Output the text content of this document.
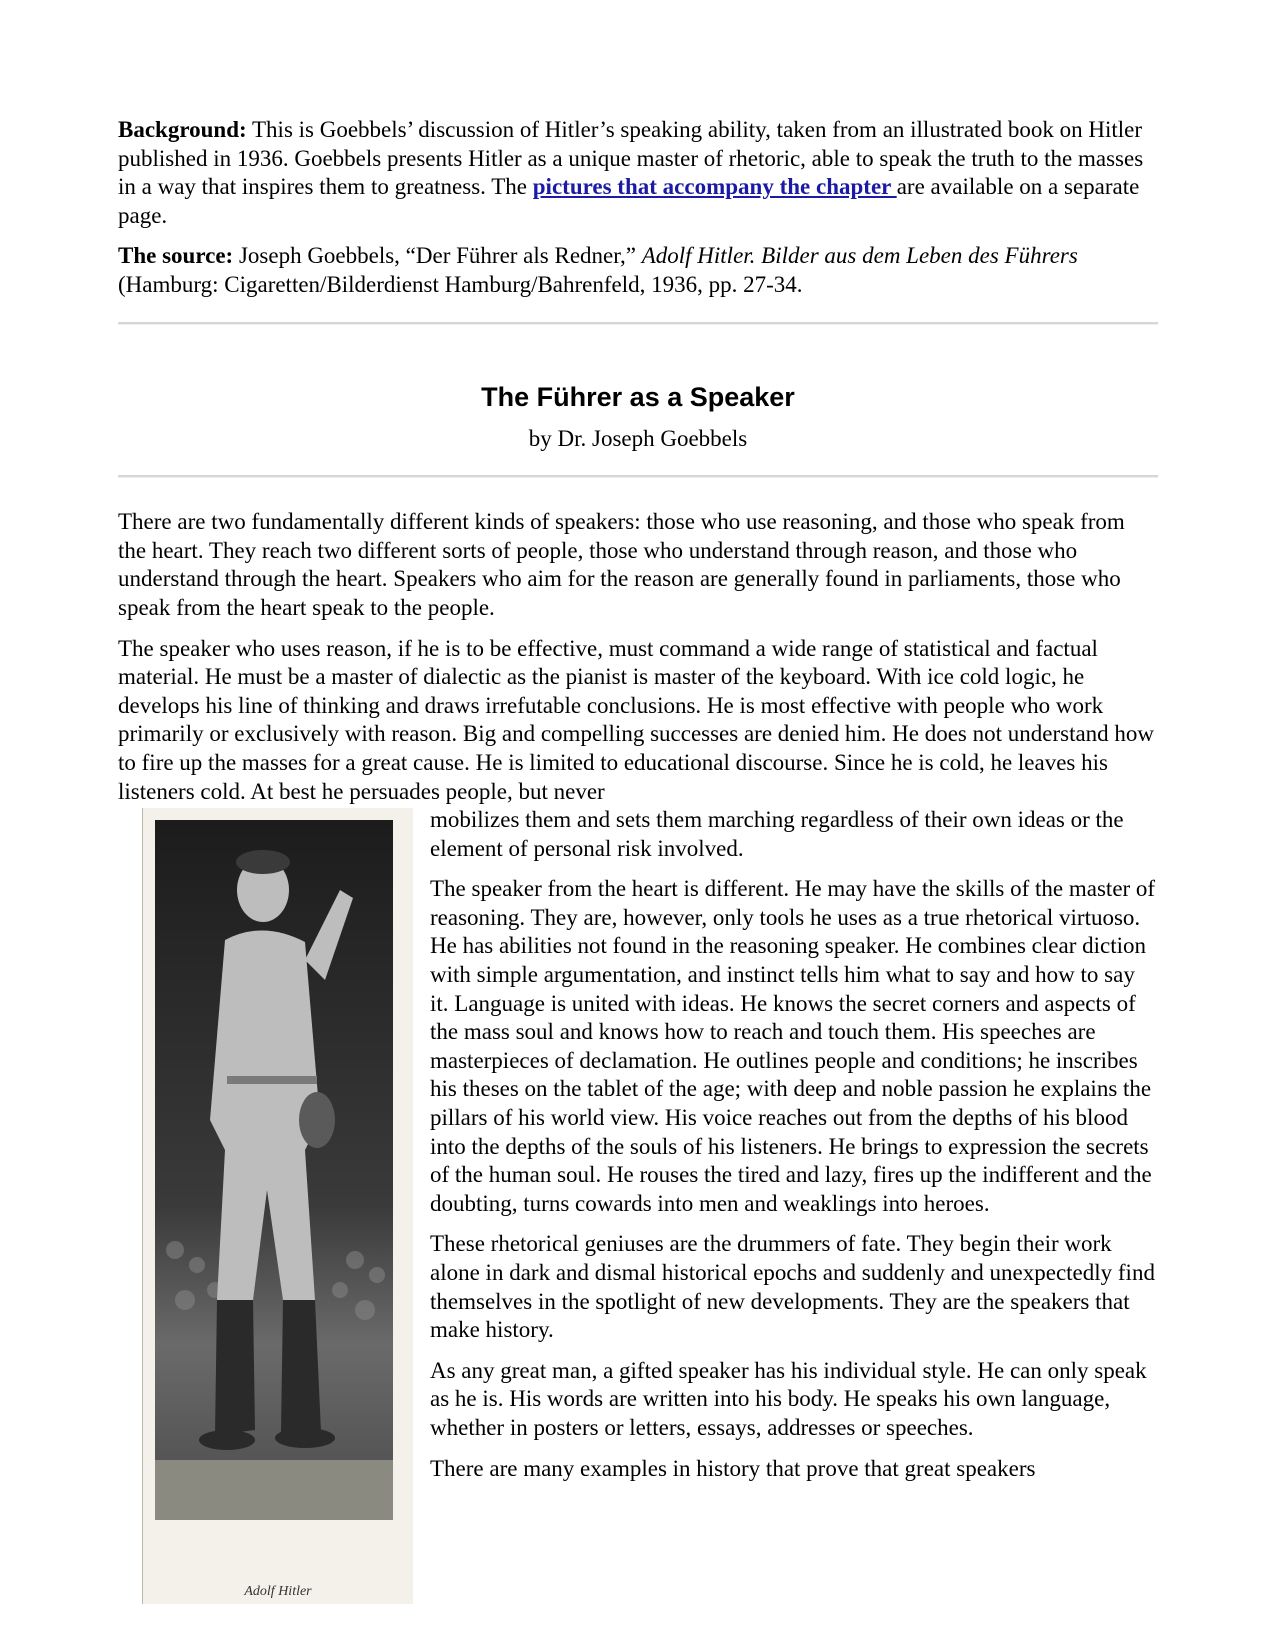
Background: This is Goebbels’ discussion of Hitler’s speaking ability, taken from an illustrated book on Hitler published in 1936. Goebbels presents Hitler as a unique master of rhetoric, able to speak the truth to the masses in a way that inspires them to greatness. The pictures that accompany the chapter are available on a separate page.

The source: Joseph Goebbels, “Der Führer als Redner,” Adolf Hitler. Bilder aus dem Leben des Führers (Hamburg: Cigaretten/Bilderdienst Hamburg/Bahrenfeld, 1936, pp. 27-34.

The Führer as a Speaker
by Dr. Joseph Goebbels

There are two fundamentally different kinds of speakers: those who use reasoning, and those who speak from the heart. They reach two different sorts of people, those who understand through reason, and those who understand through the heart. Speakers who aim for the reason are generally found in parliaments, those who speak from the heart speak to the people.

The speaker who uses reason, if he is to be effective, must command a wide range of statistical and factual material. He must be a master of dialectic as the pianist is master of the keyboard. With ice cold logic, he develops his line of thinking and draws irrefutable conclusions. He is most effective with people who work primarily or exclusively with reason. Big and compelling successes are denied him. He does not understand how to fire up the masses for a great cause. He is limited to educational discourse. Since he is cold, he leaves his listeners cold. At best he persuades people, but never

Adolf Hitler

mobilizes them and sets them marching regardless of their own ideas or the element of personal risk involved.

The speaker from the heart is different. He may have the skills of the master of reasoning. They are, however, only tools he uses as a true rhetorical virtuoso. He has abilities not found in the reasoning speaker. He combines clear diction with simple argumentation, and instinct tells him what to say and how to say it. Language is united with ideas. He knows the secret corners and aspects of the mass soul and knows how to reach and touch them. His speeches are masterpieces of declamation. He outlines people and conditions; he inscribes his theses on the tablet of the age; with deep and noble passion he explains the pillars of his world view. His voice reaches out from the depths of his blood into the depths of the souls of his listeners. He brings to expression the secrets of the human soul. He rouses the tired and lazy, fires up the indifferent and the doubting, turns cowards into men and weaklings into heroes.

These rhetorical geniuses are the drummers of fate. They begin their work alone in dark and dismal historical epochs and suddenly and unexpectedly find themselves in the spotlight of new developments. They are the speakers that make history.

As any great man, a gifted speaker has his individual style. He can only speak as he is. His words are written into his body. He speaks his own language, whether in posters or letters, essays, addresses or speeches.

There are many examples in history that prove that great speakers
